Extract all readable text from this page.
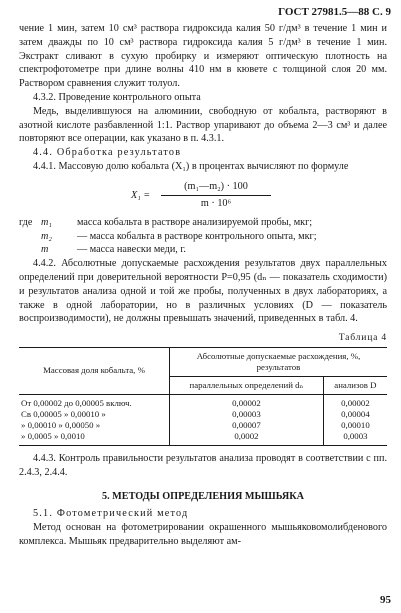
ГОСТ 27981.5—88 С. 9

чение 1 мин, затем 10 см³ раствора гидроксида калия 50 г/дм³ в течение 1 мин и затем дважды по 10 см³ раствора гидроксида калия 5 г/дм³ в течение 1 мин. Экстракт сливают в сухую пробирку и измеряют оптическую плотность на спектрофотометре при длине волны 410 нм в кювете с толщиной слоя 20 мм. Раствором сравнения служит толуол.

4.3.2. Проведение контрольного опыта

Медь, выделившуюся на алюминии, свободную от кобальта, растворяют в азотной кислоте разбавленной 1:1. Раствор упаривают до объема 2—3 см³ и далее повторяют все операции, как указано в п. 4.3.1.

4.4. Обработка результатов

4.4.1. Массовую долю кобальта (X₁) в процентах вычисляют по формуле

$X_1 = \frac{\text{(m₁—m₂) · 100}}{\text{m · 10⁶}}$
где m₁	масса кобальта в растворе анализируемой пробы, мкг;
m₂	— масса кобальта в растворе контрольного опыта, мкг;
m	— масса навески меди, г.

4.4.2. Абсолютные допускаемые расхождения результатов двух параллельных определений при доверительной вероятности P=0,95 (dₙ — показатель сходимости) и результатов анализа одной и той же пробы, полученных в двух лабораториях, а также в одной лаборатории, но в различных условиях (D — показатель воспроизводимости), не должны превышать значений, приведенных в табл. 4.

Таблица 4
Массовая доля кобальта, %	Абсолютные допускаемые расхождения, %, результатов	
	параллельных определений dₙ	анализов D
От 0,00002 до 0,00005 включ.	0,00002	0,00002
Св 0,00005 » 0,00010 »	0,00003	0,00004
» 0,00010 » 0,00050 »	0,00007	0,00010
» 0,0005 » 0,0010	0,0002	0,0003

4.4.3. Контроль правильности результатов анализа проводят в соответствии с пп. 2.4.3, 2.4.4.

5. МЕТОДЫ ОПРЕДЕЛЕНИЯ МЫШЬЯКА

5.1. Фотометрический метод

Метод основан на фотометрировании окрашенного мышьяковомолибденового комплекса. Мышьяк предварительно выделяют ам-

95
